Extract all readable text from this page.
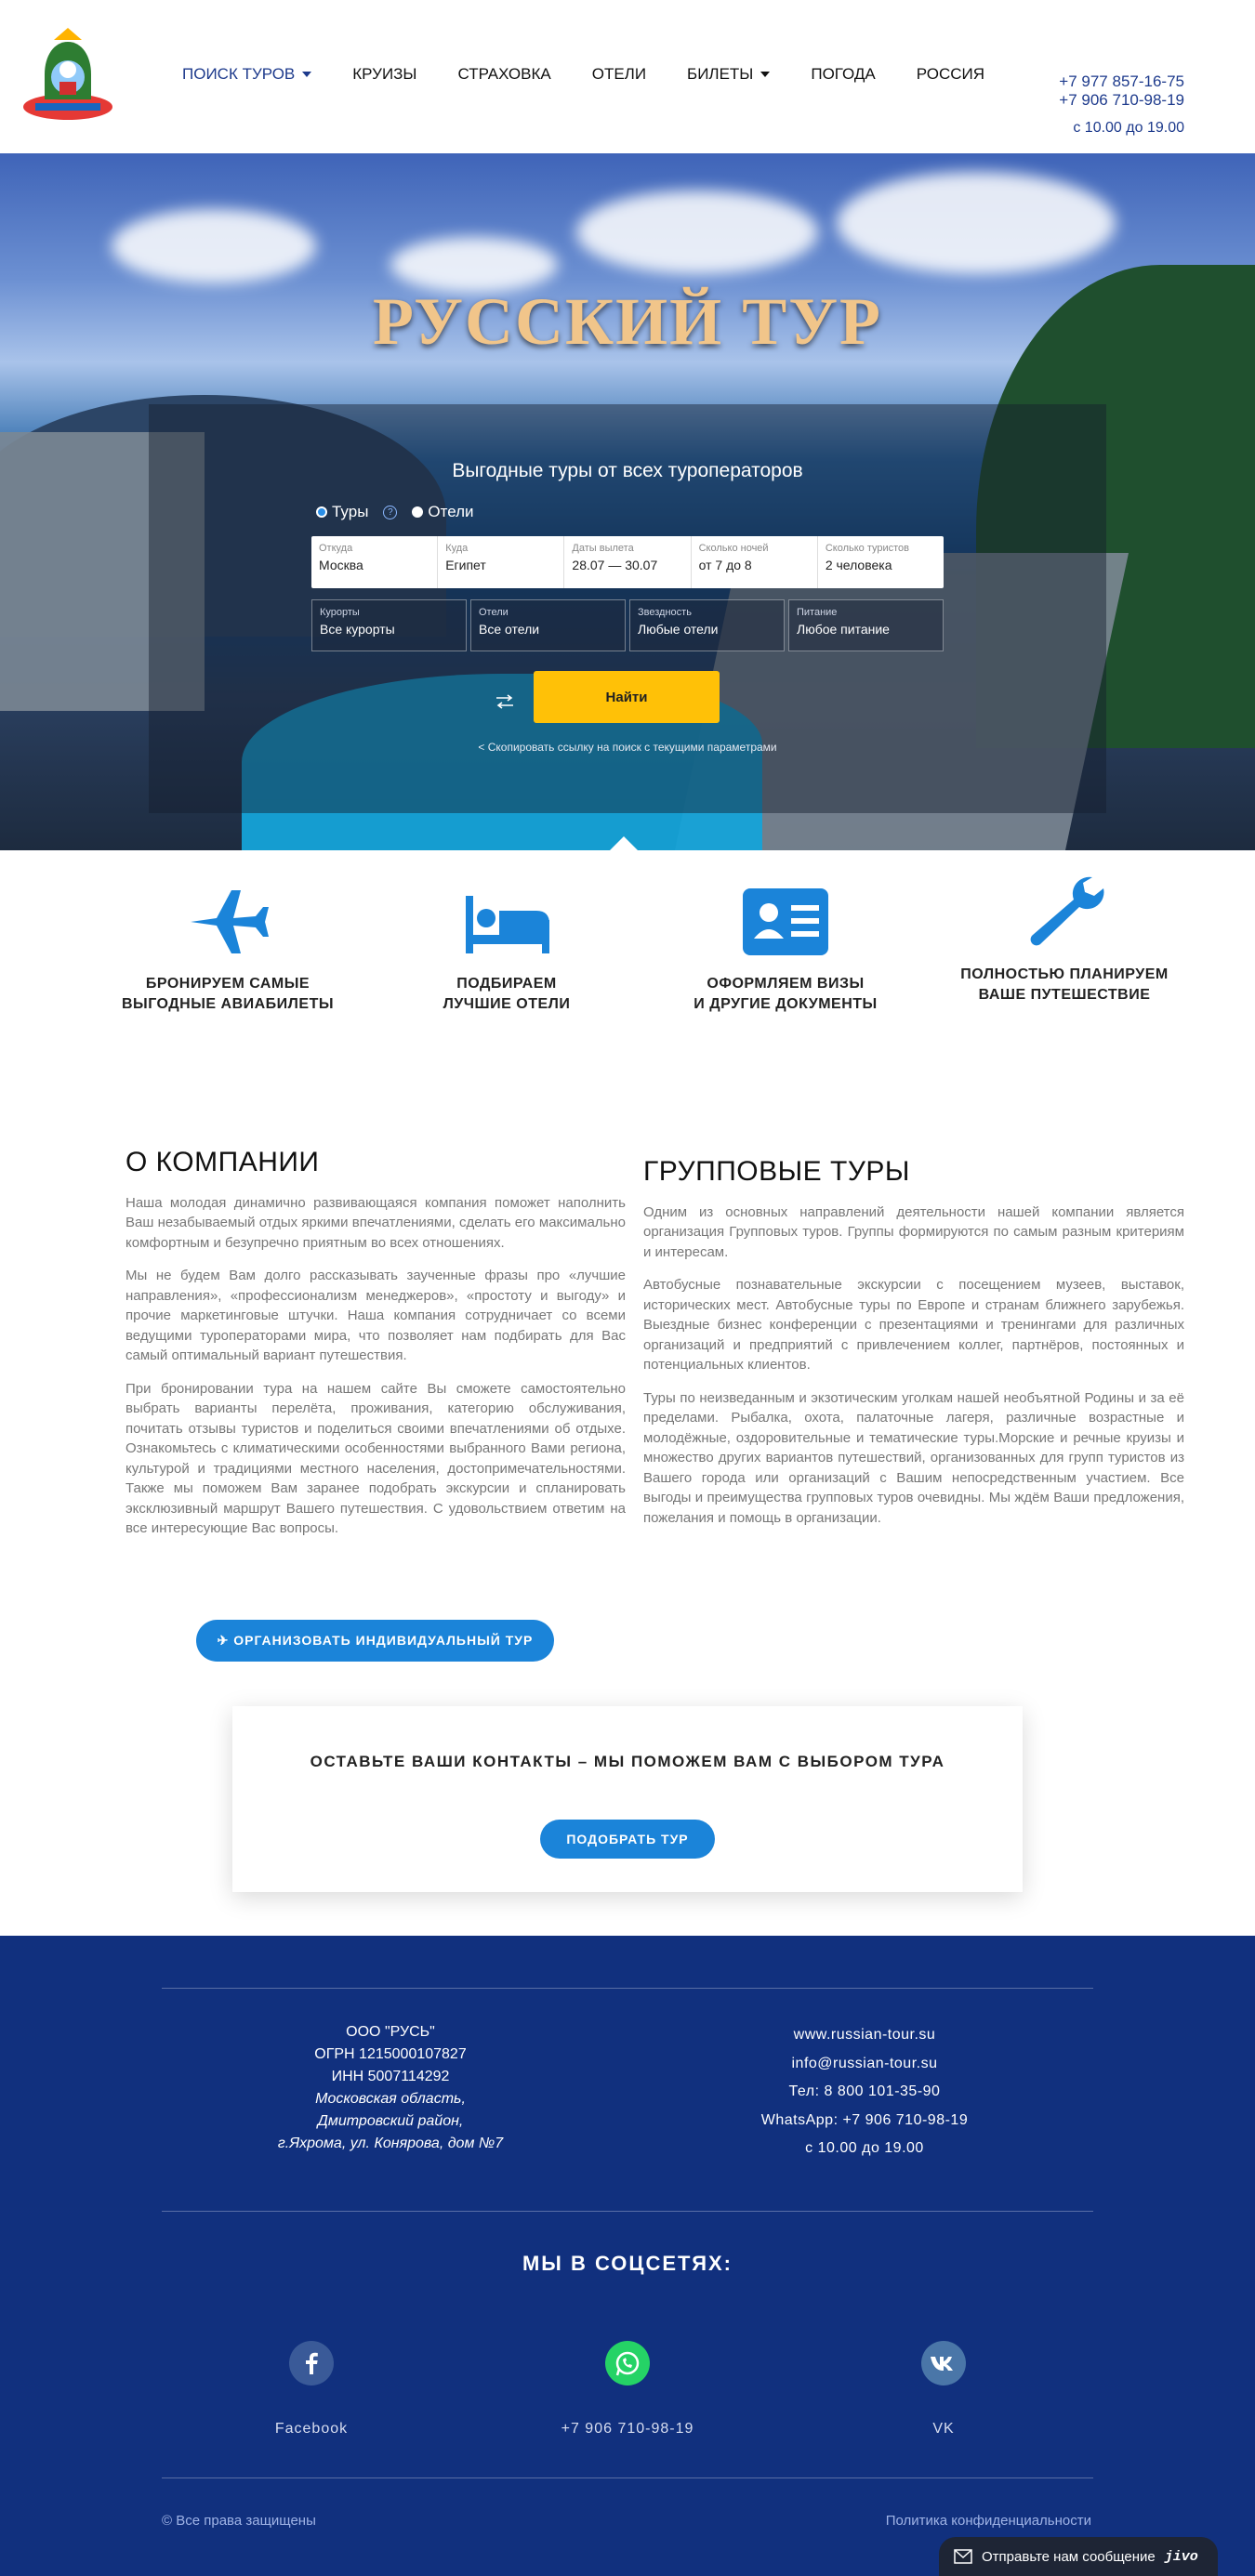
ПОИСК ТУРОВ	КРУИЗЫ	СТРАХОВКА	ОТЕЛИ	БИЛЕТЫ	ПОГОДА	РОССИЯ	+7 977 857-16-75
+7 906 710-98-19
с 10.00 до 19.00
РУССКИЙ ТУР
Выгодные туры от всех туроператоров
Туры	? Отели
Откуда
Москва
Куда
Египет
Даты вылета
28.07 — 30.07
Сколько ночей
от 7 до 8
Сколько туристов
2 человека
Курорты
Все курорты
Отели
Все отели
Звездность
Любые отели
Питание
Любое питание
Найти
< Скопировать ссылку на поиск с текущими параметрами
БРОНИРУЕМ САМЫЕ
ВЫГОДНЫЕ АВИАБИЛЕТЫ
ПОДБИРАЕМ
ЛУЧШИЕ ОТЕЛИ
ОФОРМЛЯЕМ ВИЗЫ
И ДРУГИЕ ДОКУМЕНТЫ
ПОЛНОСТЬЮ ПЛАНИРУЕМ
ВАШЕ ПУТЕШЕСТВИЕ
О КОМПАНИИ

Наша молодая динамично развивающаяся компания поможет наполнить Ваш незабываемый отдых яркими впечатлениями, сделать его максимально комфортным и безупречно приятным во всех отношениях.

Мы не будем Вам долго рассказывать заученные фразы про «лучшие направления», «профессионализм менеджеров», «простоту и выгоду» и прочие маркетинговые штучки. Наша компания сотрудничает со всеми ведущими туроператорами мира, что позволяет нам подбирать для Вас самый оптимальный вариант путешествия.

При бронировании тура на нашем сайте Вы сможете самостоятельно выбрать варианты перелёта, проживания, категорию обслуживания, почитать отзывы туристов и поделиться своими впечатлениями об отдыхе. Ознакомьтесь с климатическими особенностями выбранного Вами региона, культурой и традициями местного населения, достопримечательностями. Также мы поможем Вам заранее подобрать экскурсии и спланировать эксклюзивный маршрут Вашего путешествия. С удовольствием ответим на все интересующие Вас вопросы.

✈ ОРГАНИЗОВАТЬ ИНДИВИДУАЛЬНЫЙ ТУР
ГРУППОВЫЕ ТУРЫ

Одним из основных направлений деятельности нашей компании является организация Групповых туров. Группы формируются по самым разным критериям и интересам.

Автобусные познавательные экскурсии с посещением музеев, выставок, исторических мест. Автобусные туры по Европе и странам ближнего зарубежья. Выездные бизнес конференции с презентациями и тренингами для различных организаций и предприятий с привлечением коллег, партнёров, постоянных и потенциальных клиентов.

Туры по неизведанным и экзотическим уголкам нашей необъятной Родины и за её пределами. Рыбалка, охота, палаточные лагеря, различные возрастные и молодёжные, оздоровительные и тематические туры.Морские и речные круизы и множество других вариантов путешествий, организованных для групп туристов из Вашего города или организаций с Вашим непосредственным участием. Все выгоды и преимущества групповых туров очевидны. Мы ждём Ваши предложения, пожелания и помощь в организации.

ОСТАВЬТЕ ВАШИ КОНТАКТЫ – МЫ ПОМОЖЕМ ВАМ С ВЫБОРОМ ТУРА
ПОДОБРАТЬ ТУР
ООО "РУСЬ"
ОГРН 1215000107827
ИНН 5007114292
Московская область,
Дмитровский район,
г.Яхрома, ул. Конярова, дом №7
www.russian-tour.su
info@russian-tour.su
Тел: 8 800 101-35-90
WhatsApp: +7 906 710-98-19
с 10.00 до 19.00
МЫ В СОЦСЕТЯХ:
Facebook	+7 906 710-98-19	VK
© Все права защищены	Политика конфиденциальности
Отправьте нам сообщение jivo
